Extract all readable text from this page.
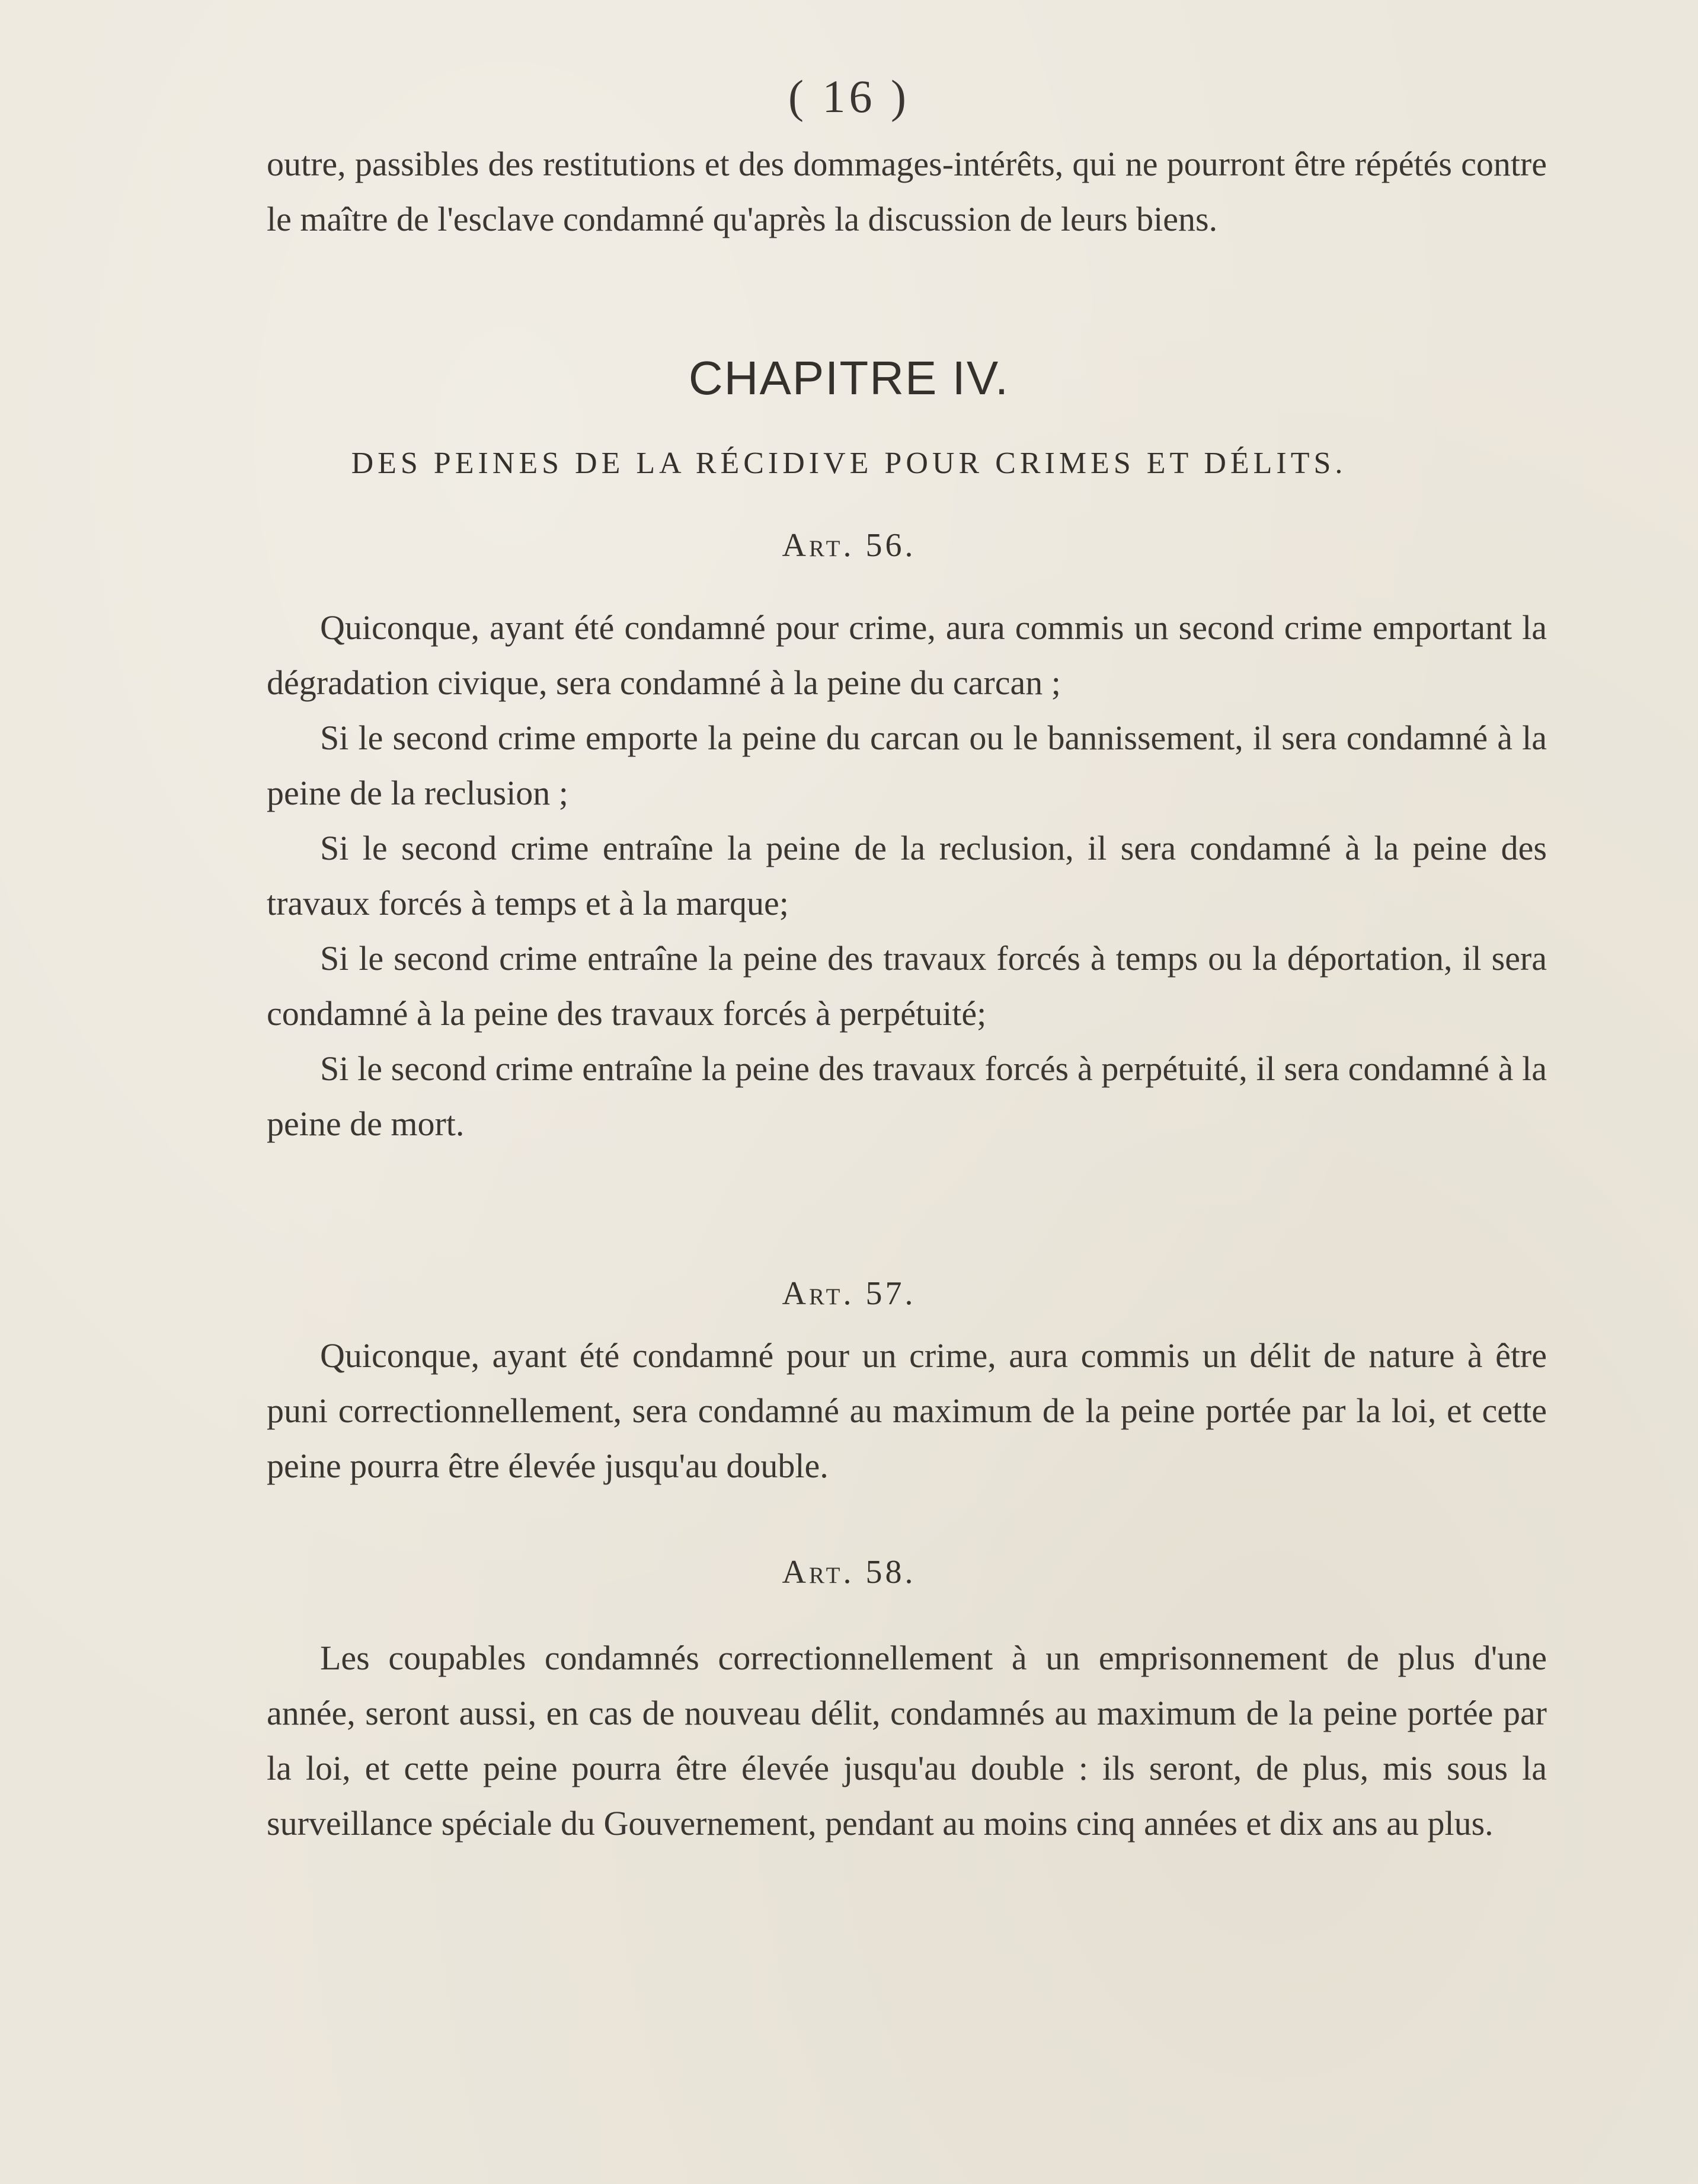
( 16 )

outre, passibles des restitutions et des dommages-intérêts, qui ne pourront être répétés contre le maître de l'esclave condamné qu'après la discussion de leurs biens.

CHAPITRE IV.
DES PEINES DE LA RÉCIDIVE POUR CRIMES ET DÉLITS.
Art. 56.

Quiconque, ayant été condamné pour crime, aura commis un second crime emportant la dégradation civique, sera condamné à la peine du carcan ;

Si le second crime emporte la peine du carcan ou le bannissement, il sera condamné à la peine de la reclusion ;

Si le second crime entraîne la peine de la reclusion, il sera condamné à la peine des travaux forcés à temps et à la marque;

Si le second crime entraîne la peine des travaux forcés à temps ou la déportation, il sera condamné à la peine des travaux forcés à perpétuité;

Si le second crime entraîne la peine des travaux forcés à perpétuité, il sera condamné à la peine de mort.

Art. 57.

Quiconque, ayant été condamné pour un crime, aura commis un délit de nature à être puni correctionnellement, sera condamné au maximum de la peine portée par la loi, et cette peine pourra être élevée jusqu'au double.

Art. 58.

Les coupables condamnés correctionnellement à un emprisonnement de plus d'une année, seront aussi, en cas de nouveau délit, condamnés au maximum de la peine portée par la loi, et cette peine pourra être élevée jusqu'au double : ils seront, de plus, mis sous la surveillance spéciale du Gouvernement, pendant au moins cinq années et dix ans au plus.
